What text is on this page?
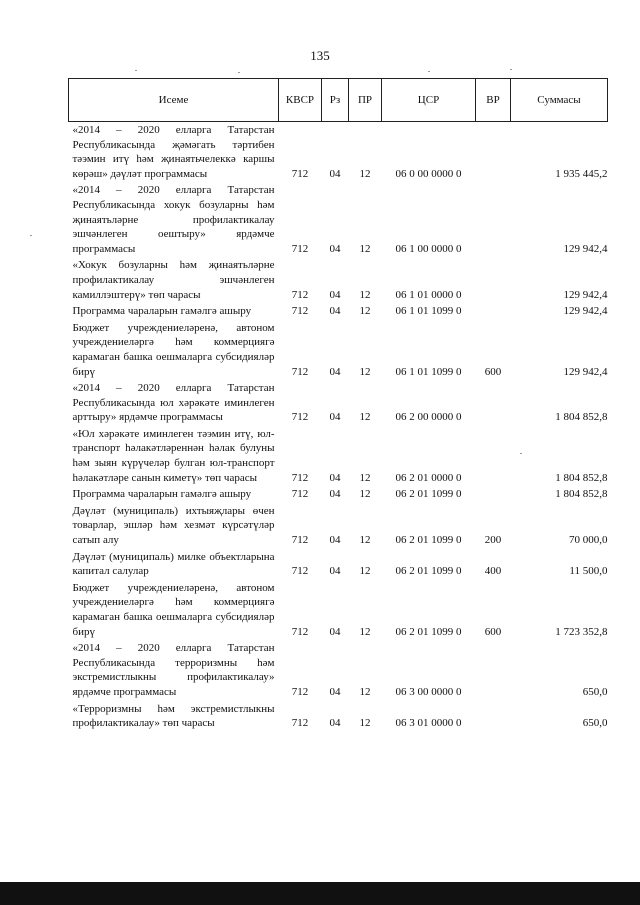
135
Исеме	КВСР	Рз	ПР	ЦСР	ВР	Суммасы
«2014 – 2020 елларга Татарстан Республикасында җәмәгать тәртибен тәэмин итү һәм җинаятьчелеккә каршы көрәш» дәүләт программасы	712	04	12	06 0 00 0000 0		1 935 445,2
«2014 – 2020 елларга Татарстан Республикасында хокук бозуларны һәм җинаятьләрне профилактикалау эшчәнлеген оештыру» ярдәмче программасы	712	04	12	06 1 00 0000 0		129 942,4
«Хокук бозуларны һәм җинаятьләрне профилактикалау эшчәнлеген камиллэштерү» төп чарасы	712	04	12	06 1 01 0000 0		129 942,4
Программа чараларын гамәлгә ашыру	712	04	12	06 1 01 1099 0		129 942,4
Бюджет учреждениеләренә, автоном учреждениеләргә һәм коммерциягә карамаган башка оешмаларга субсидияләр бирү	712	04	12	06 1 01 1099 0	600	129 942,4
«2014 – 2020 елларга Татарстан Республикасында юл хәрәкәте иминлеген арттыру» ярдәмче программасы	712	04	12	06 2 00 0000 0		1 804 852,8
«Юл хәрәкәте иминлеген тәэмин итү, юл-транспорт һәлакәтләреннән һәлак булуны һәм зыян күрүчеләр булган юл-транспорт һәлакәтләре санын киметү» төп чарасы	712	04	12	06 2 01 0000 0		1 804 852,8
Программа чараларын гамәлгә ашыру	712	04	12	06 2 01 1099 0		1 804 852,8
Дәүләт (муниципаль) ихтыяҗлары өчен товарлар, эшләр һәм хезмәт күрсәтүләр сатып алу	712	04	12	06 2 01 1099 0	200	70 000,0
Дәүләт (муниципаль) милке объектларына капитал салулар	712	04	12	06 2 01 1099 0	400	11 500,0
Бюджет учреждениеләренә, автоном учреждениеләргә һәм коммерциягә карамаган башка оешмаларга субсидияләр бирү	712	04	12	06 2 01 1099 0	600	1 723 352,8
«2014 – 2020 елларга Татарстан Республикасында терроризмны һәм экстремистлыкны профилактикалау» ярдәмче программасы	712	04	12	06 3 00 0000 0		650,0
«Терроризмны һәм экстремистлыкны профилактикалау» төп чарасы	712	04	12	06 3 01 0000 0		650,0
